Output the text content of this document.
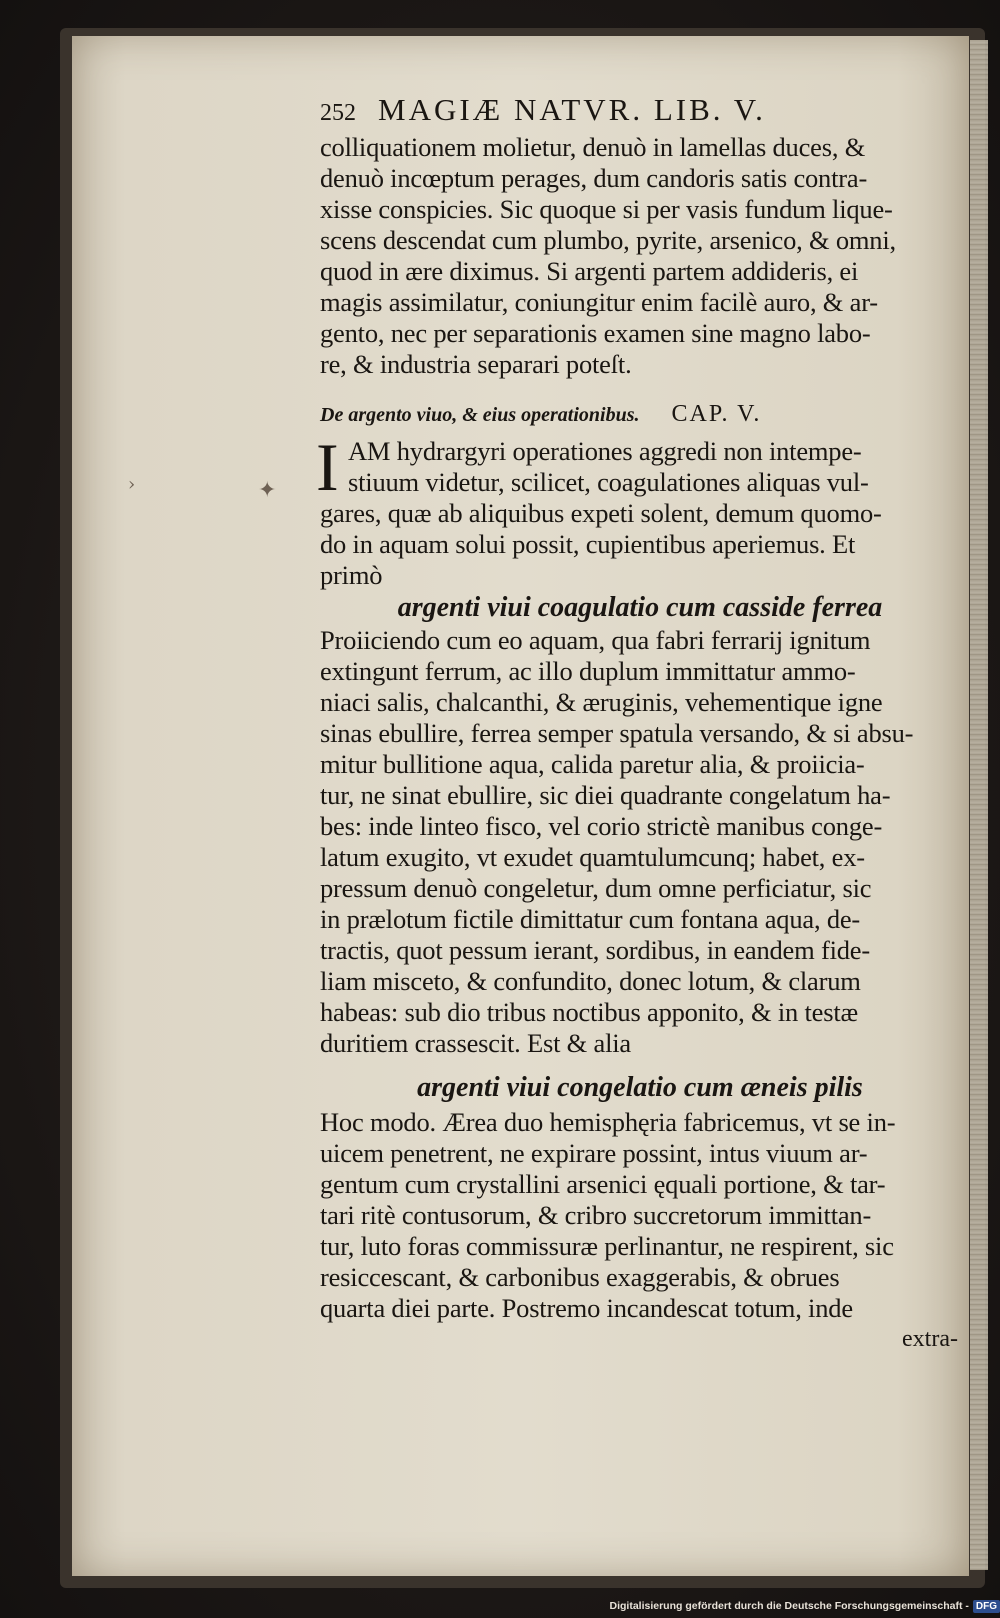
›	✦
252 MAGIÆ NATVR. LIB. V.
colliquationem molietur, denuò in lamellas duces, &
denuò incœptum perages, dum candoris satis contra-
xisse conspicies. Sic quoque si per vasis fundum lique-
scens descendat cum plumbo, pyrite, arsenico, & omni,
quod in ære diximus. Si argenti partem addideris, ei
magis assimilatur, coniungitur enim facilè auro, & ar-
gento, nec per separationis examen sine magno labo-
re, & industria separari poteſt.
De argento viuo, & eius operationibus. CAP. V.
I AM hydrargyri operationes aggredi non intempe-
stiuum videtur, scilicet, coagulationes aliquas vul-
gares, quæ ab aliquibus expeti solent, demum quomo-
do in aquam solui possit, cupientibus aperiemus. Et
primò
argenti viui coagulatio cum casside ferrea
Proiiciendo cum eo aquam, qua fabri ferrarij ignitum
extingunt ferrum, ac illo duplum immittatur ammo-
niaci salis, chalcanthi, & æruginis, vehementique igne
sinas ebullire, ferrea semper spatula versando, & si absu-
mitur bullitione aqua, calida paretur alia, & proiicia-
tur, ne sinat ebullire, sic diei quadrante congelatum ha-
bes: inde linteo fisco, vel corio strictè manibus conge-
latum exugito, vt exudet quamtulumcunq; habet, ex-
pressum denuò congeletur, dum omne perficiatur, sic
in prælotum fictile dimittatur cum fontana aqua, de-
tractis, quot pessum ierant, sordibus, in eandem fide-
liam misceto, & confundito, donec lotum, & clarum
habeas: sub dio tribus noctibus apponito, & in testæ
duritiem crassescit. Est & alia
argenti viui congelatio cum æneis pilis
Hoc modo. Ærea duo hemisphęria fabricemus, vt se in-
uicem penetrent, ne expirare possint, intus viuum ar-
gentum cum crystallini arsenici ęquali portione, & tar-
tari ritè contusorum, & cribro succretorum immittan-
tur, luto foras commissuræ perlinantur, ne respirent, sic
resiccescant, & carbonibus exaggerabis, & obrues
quarta diei parte. Postremo incandescat totum, inde
extra-
Digitalisierung gefördert durch die Deutsche Forschungsgemeinschaft - DFG
